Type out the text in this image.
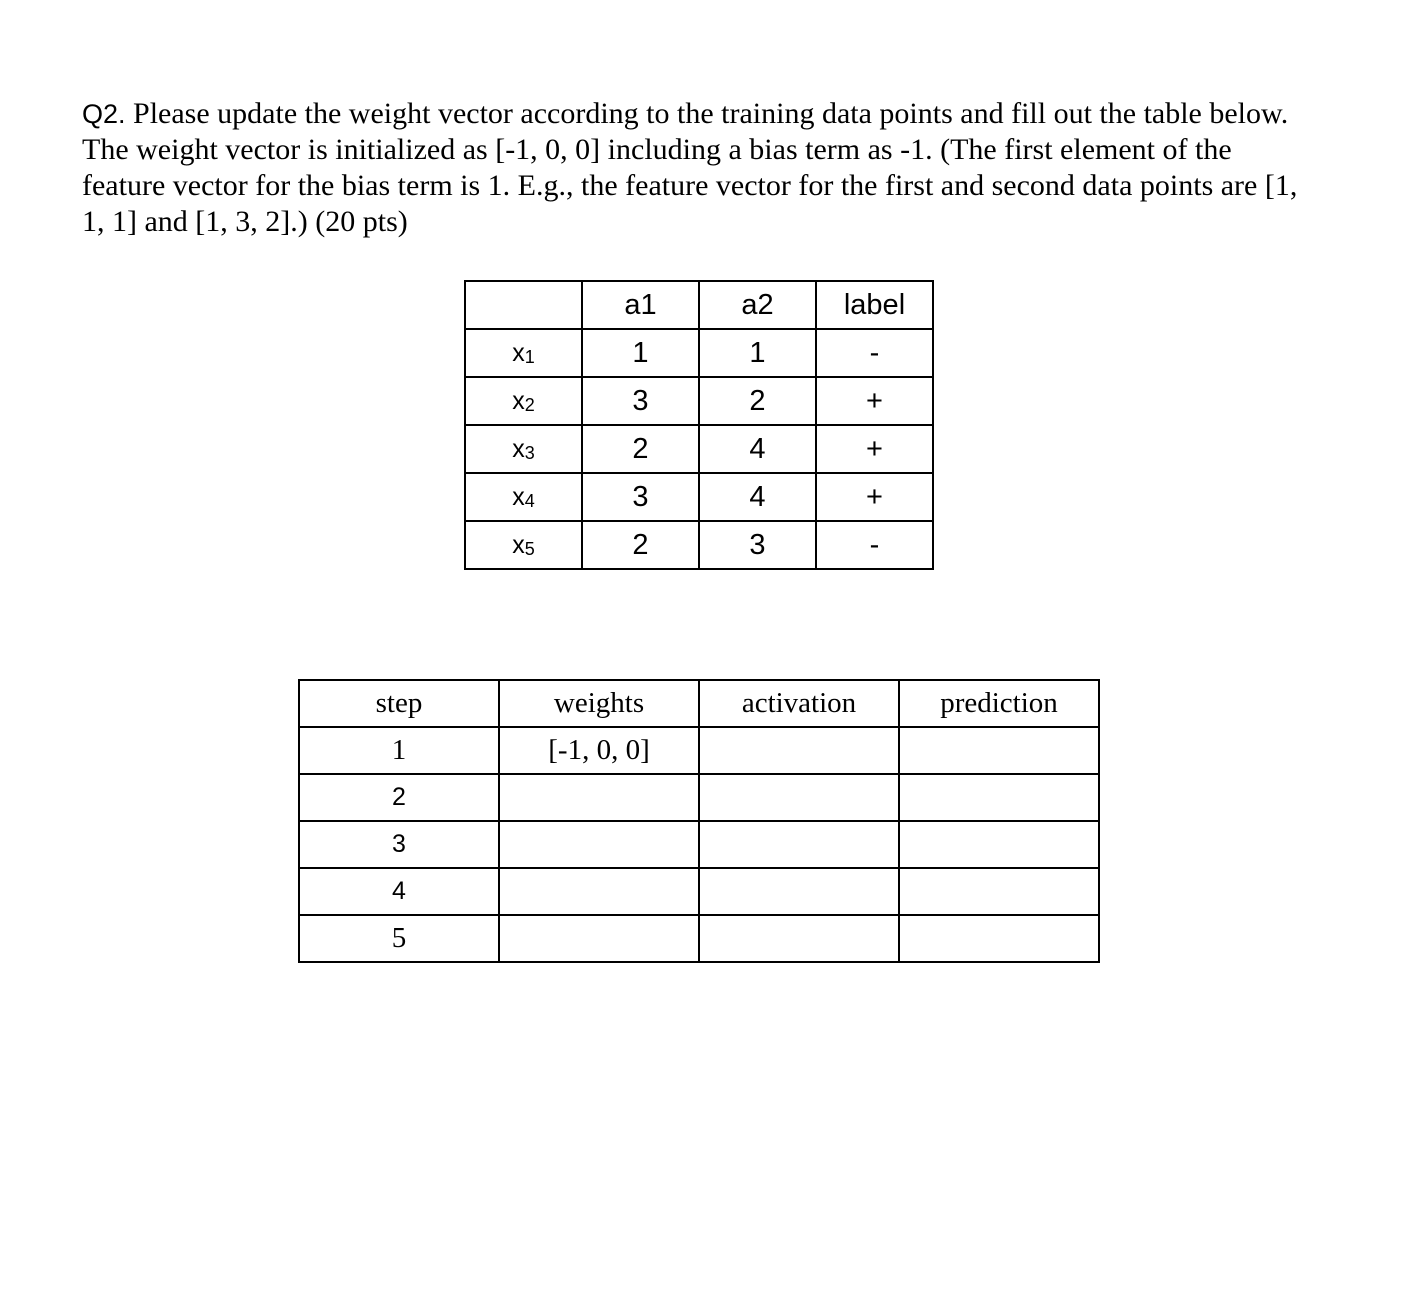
Q2. Please update the weight vector according to the training data points and fill out the table below. The weight vector is initialized as [-1, 0, 0] including a bias term as -1. (The first element of the feature vector for the bias term is 1. E.g., the feature vector for the first and second data points are [1, 1, 1] and [1, 3, 2].) (20 pts)
	a1	a2	label
$x_1$	1	1	-
$x_2$	3	2	+
$x_3$	2	4	+
$x_4$	3	4	+
$x_5$	2	3	-
step	weights	activation	prediction
1	[-1, 0, 0]		
2			
3			
4			
5			
